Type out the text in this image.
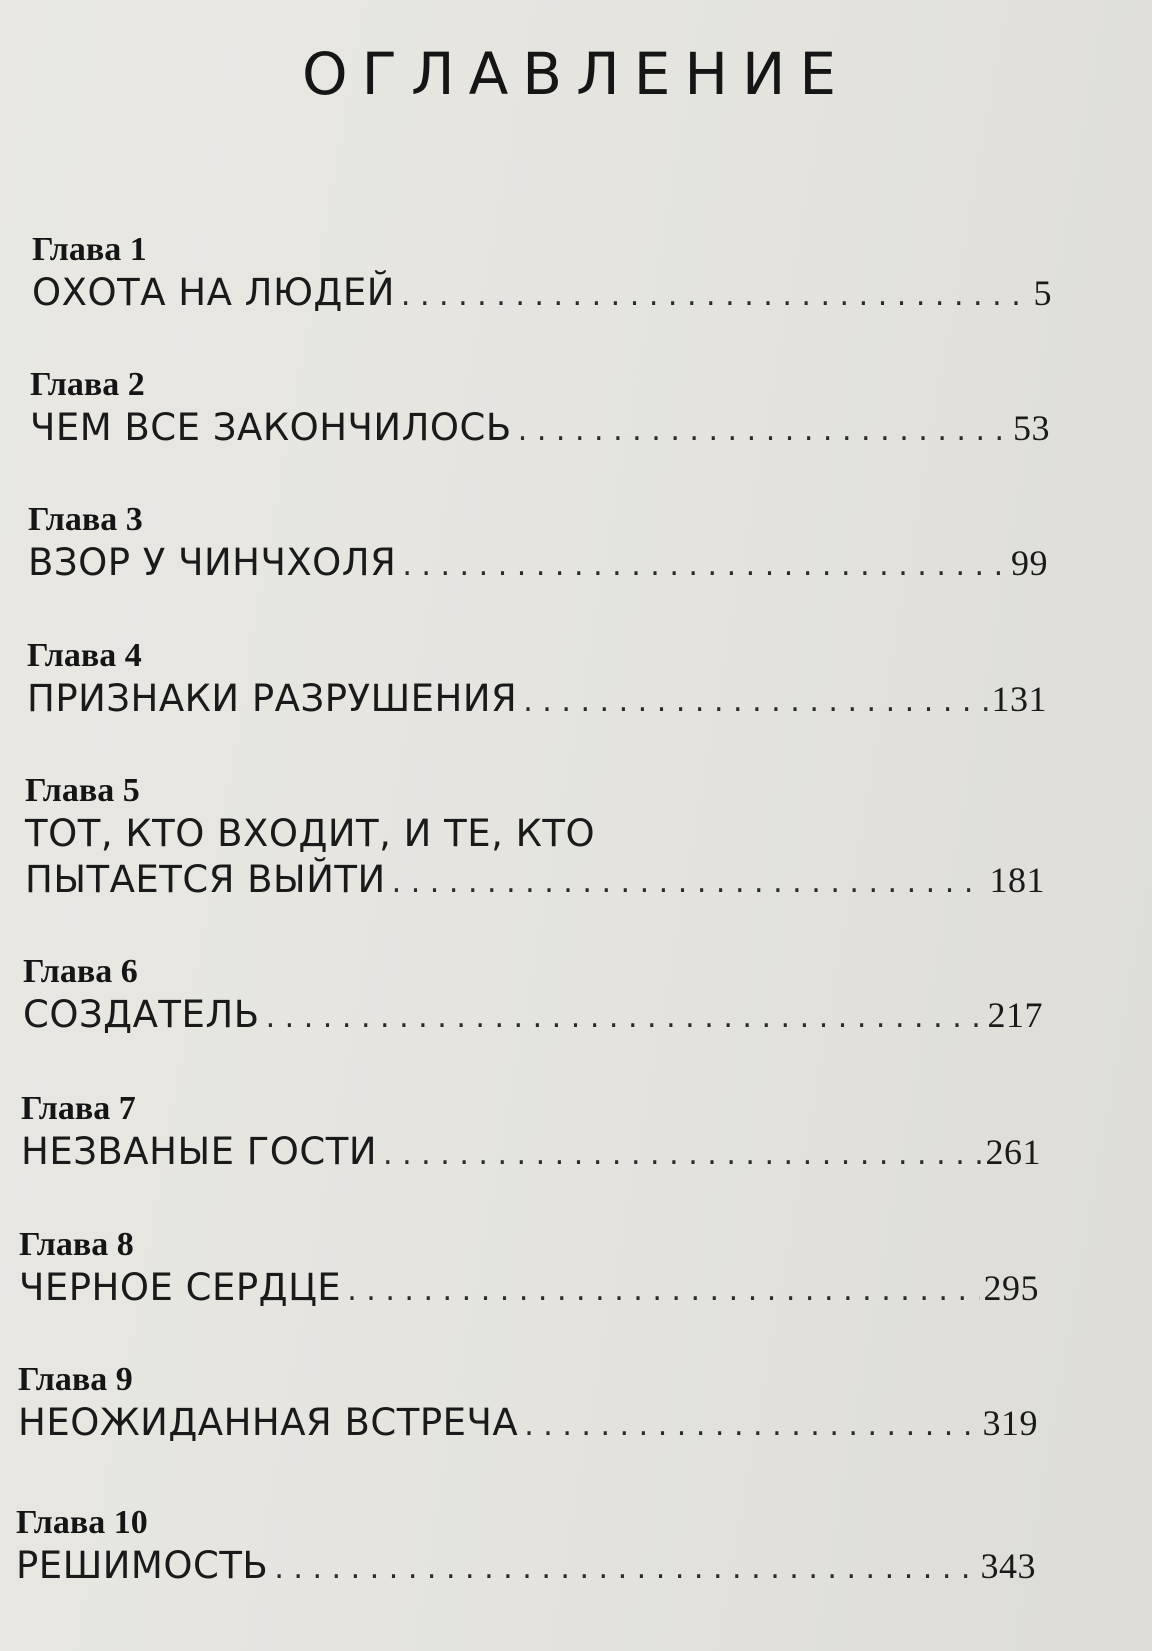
ОГЛАВЛЕНИЕ
Глава 1
ОХОТА НА ЛЮДЕЙ . . .	5
Глава 2
ЧЕМ ВСЕ ЗАКОНЧИЛОСЬ . . .	53
Глава 3
ВЗОР У ЧИНЧХОЛЯ . . .	99
Глава 4
ПРИЗНАКИ РАЗРУШЕНИЯ . . .	131
Глава 5
ТОТ, КТО ВХОДИТ, И ТЕ, КТО
ПЫТАЕТСЯ ВЫЙТИ . . .	181
Глава 6
СОЗДАТЕЛЬ . . .	217
Глава 7
НЕЗВАНЫЕ ГОСТИ . . .	261
Глава 8
ЧЕРНОЕ СЕРДЦЕ . . .	295
Глава 9
НЕОЖИДАННАЯ ВСТРЕЧА . . .	319
Глава 10
РЕШИМОСТЬ . . .	343
